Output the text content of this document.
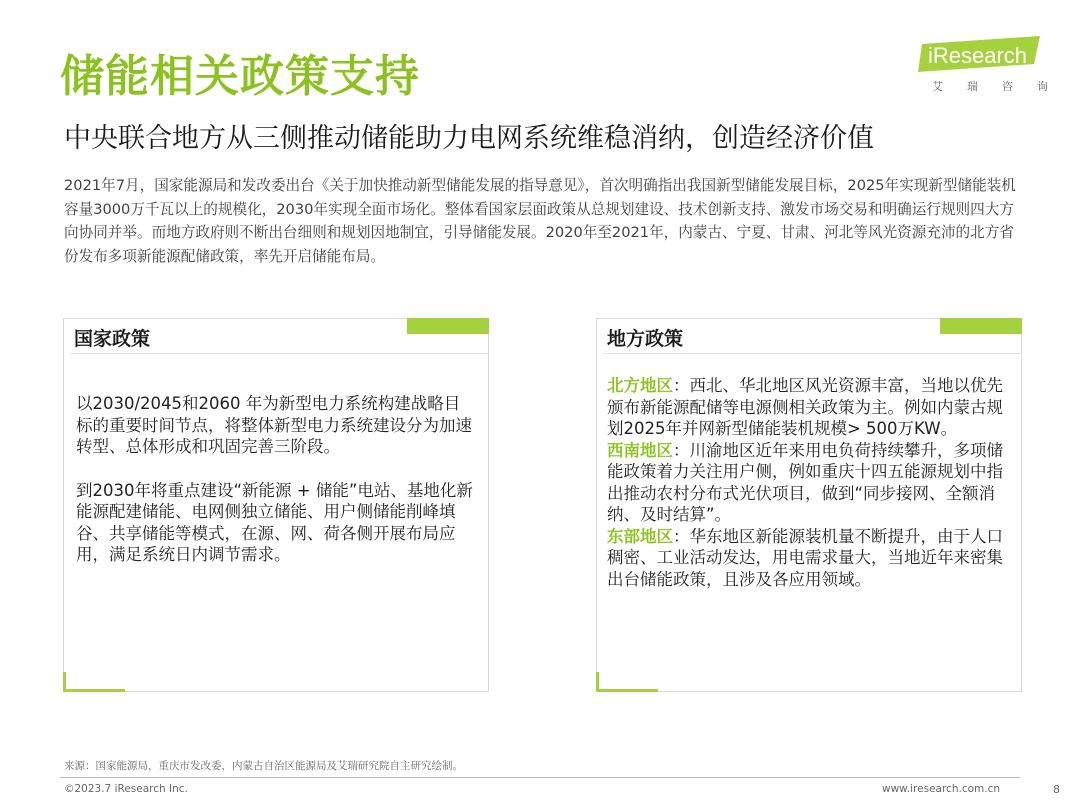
储能相关政策支持
中央联合地方从三侧推动储能助力电网系统维稳消纳，创造经济价值
iResearch
艾 瑞 咨 询
2021年7月，国家能源局和发改委出台《关于加快推动新型储能发展的指导意见》，首次明确指出我国新型储能发展目标，2025年实现新型储能装机容量3000万千瓦以上的规模化，2030年实现全面市场化。整体看国家层面政策从总规划建设、技术创新支持、激发市场交易和明确运行规则四大方向协同并举。而地方政府则不断出台细则和规划因地制宜，引导储能发展。2020年至2021年，内蒙古、宁夏、甘肃、河北等风光资源充沛的北方省份发布多项新能源配储政策，率先开启储能布局。
国家政策

以2030/2045和2060 年为新型电力系统构建战略目标的重要时间节点，将整体新型电力系统建设分为加速转型、总体形成和巩固完善三阶段。

到2030年将重点建设“新能源 + 储能”电站、基地化新能源配建储能、电网侧独立储能、用户侧储能削峰填谷、共享储能等模式，在源、网、荷各侧开展布局应用，满足系统日内调节需求。

地方政策

北方地区：西北、华北地区风光资源丰富，当地以优先颁布新能源配储等电源侧相关政策为主。例如内蒙古规划2025年并网新型储能装机规模> 500万KW。

西南地区：川渝地区近年来用电负荷持续攀升，多项储能政策着力关注用户侧，例如重庆十四五能源规划中指出推动农村分布式光伏项目，做到“同步接网、全额消纳、及时结算”。

东部地区：华东地区新能源装机量不断提升，由于人口稠密、工业活动发达，用电需求量大，当地近年来密集出台储能政策，且涉及各应用领域。

来源：国家能源局，重庆市发改委，内蒙古自治区能源局及艾瑞研究院自主研究绘制。
©2023.7 iResearch Inc.	www.iresearch.com.cn	8
